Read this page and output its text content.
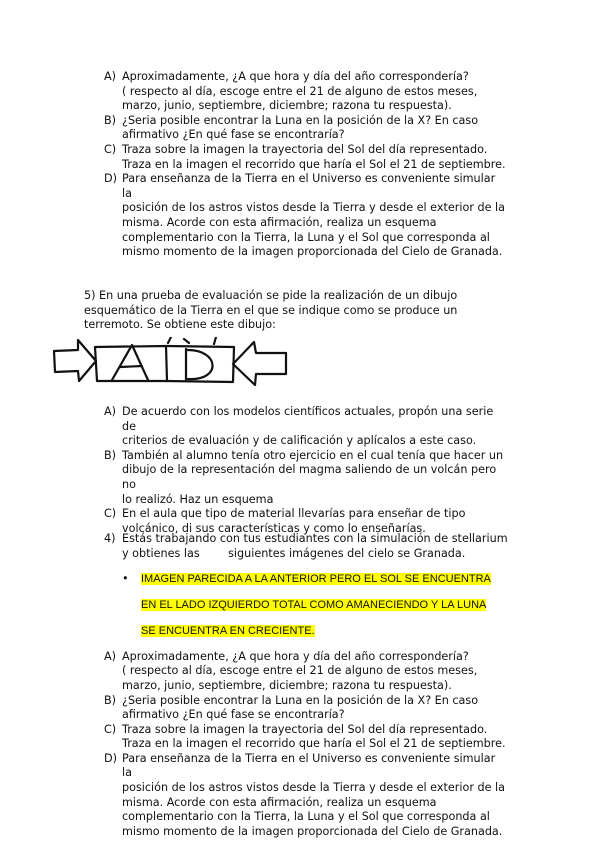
A) Aproximadamente, ¿A que hora y día del año correspondería?

( respecto al día, escoge entre el 21 de alguno de estos meses,

marzo, junio, septiembre, diciembre; razona tu respuesta).

B) ¿Seria posible encontrar la Luna en la posición de la X? En caso

afirmativo ¿En qué fase se encontraría?

C) Traza sobre la imagen la trayectoria del Sol del día representado.

Traza en la imagen el recorrido que haría el Sol el 21 de septiembre.

D) Para enseñanza de la Tierra en el Universo es conveniente simular la

posición de los astros vistos desde la Tierra y desde el exterior de la

misma. Acorde con esta afirmación, realiza un esquema

complementario con la Tierra, la Luna y el Sol que corresponda al

mismo momento de la imagen proporcionada del Cielo de Granada.

5) En una prueba de evaluación se pide la realización de un dibujo

esquemático de la Tierra en el que se indique como se produce un

terremoto. Se obtiene este dibujo:

A) De acuerdo con los modelos científicos actuales, propón una serie de

criterios de evaluación y de calificación y aplícalos a este caso.

B) También al alumno tenía otro ejercicio en el cual tenía que hacer un

dibujo de la representación del magma saliendo de un volcán pero no

lo realizó. Haz un esquema

C) En el aula que tipo de material llevarías para enseñar de tipo

volcánico, di sus características y como lo enseñarías.

4) Estás trabajando con tus estudiantes con la simulación de stellarium

y obtienes las        siguientes imágenes del cielo se Granada.

• IMAGEN PARECIDA A LA ANTERIOR PERO EL SOL SE ENCUENTRA

EN EL LADO IZQUIERDO TOTAL COMO AMANECIENDO Y LA LUNA

SE ENCUENTRA EN CRECIENTE.

A) Aproximadamente, ¿A que hora y día del año correspondería?

( respecto al día, escoge entre el 21 de alguno de estos meses,

marzo, junio, septiembre, diciembre; razona tu respuesta).

B) ¿Seria posible encontrar la Luna en la posición de la X? En caso

afirmativo ¿En qué fase se encontraría?

C) Traza sobre la imagen la trayectoria del Sol del día representado.

Traza en la imagen el recorrido que haría el Sol el 21 de septiembre.

D) Para enseñanza de la Tierra en el Universo es conveniente simular la

posición de los astros vistos desde la Tierra y desde el exterior de la

misma. Acorde con esta afirmación, realiza un esquema

complementario con la Tierra, la Luna y el Sol que corresponda al

mismo momento de la imagen proporcionada del Cielo de Granada.
